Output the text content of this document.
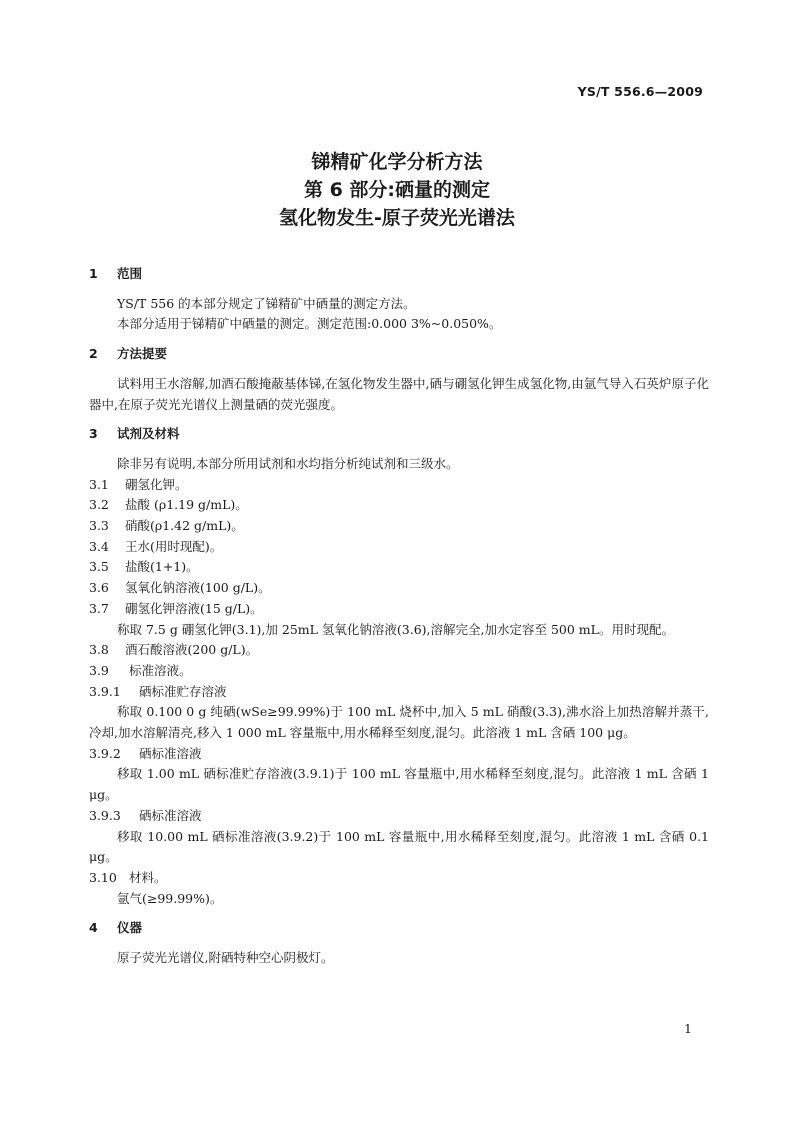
YS/T 556.6—2009
锑精矿化学分析方法
第 6 部分:硒量的测定
氢化物发生-原子荧光光谱法
1 范围

YS/T 556 的本部分规定了锑精矿中硒量的测定方法。

本部分适用于锑精矿中硒量的测定。测定范围:0.000 3%~0.050%。

2 方法提要

试料用王水溶解,加酒石酸掩蔽基体锑,在氢化物发生器中,硒与硼氢化钾生成氢化物,由氩气导入石英炉原子化器中,在原子荧光光谱仪上测量硒的荧光强度。

3 试剂及材料

除非另有说明,本部分所用试剂和水均指分析纯试剂和三级水。

3.1 硼氢化钾。
3.2 盐酸 (ρ1.19 g/mL)。
3.3 硝酸(ρ1.42 g/mL)。
3.4 王水(用时现配)。
3.5 盐酸(1+1)。
3.6 氢氧化钠溶液(100 g/L)。
3.7 硼氢化钾溶液(15 g/L)。

称取 7.5 g 硼氢化钾(3.1),加 25mL 氢氧化钠溶液(3.6),溶解完全,加水定容至 500 mL。用时现配。

3.8 酒石酸溶液(200 g/L)。
3.9 标准溶液。
3.9.1 硒标准贮存溶液

称取 0.100 0 g 纯硒(wSe≥99.99%)于 100 mL 烧杯中,加入 5 mL 硝酸(3.3),沸水浴上加热溶解并蒸干,冷却,加水溶解清亮,移入 1 000 mL 容量瓶中,用水稀释至刻度,混匀。此溶液 1 mL 含硒 100 μg。

3.9.2 硒标准溶液

移取 1.00 mL 硒标准贮存溶液(3.9.1)于 100 mL 容量瓶中,用水稀释至刻度,混匀。此溶液 1 mL 含硒 1 μg。

3.9.3 硒标准溶液

移取 10.00 mL 硒标准溶液(3.9.2)于 100 mL 容量瓶中,用水稀释至刻度,混匀。此溶液 1 mL 含硒 0.1 μg。

3.10 材料。

氩气(≥99.99%)。

4 仪器

原子荧光光谱仪,附硒特种空心阴极灯。

1
